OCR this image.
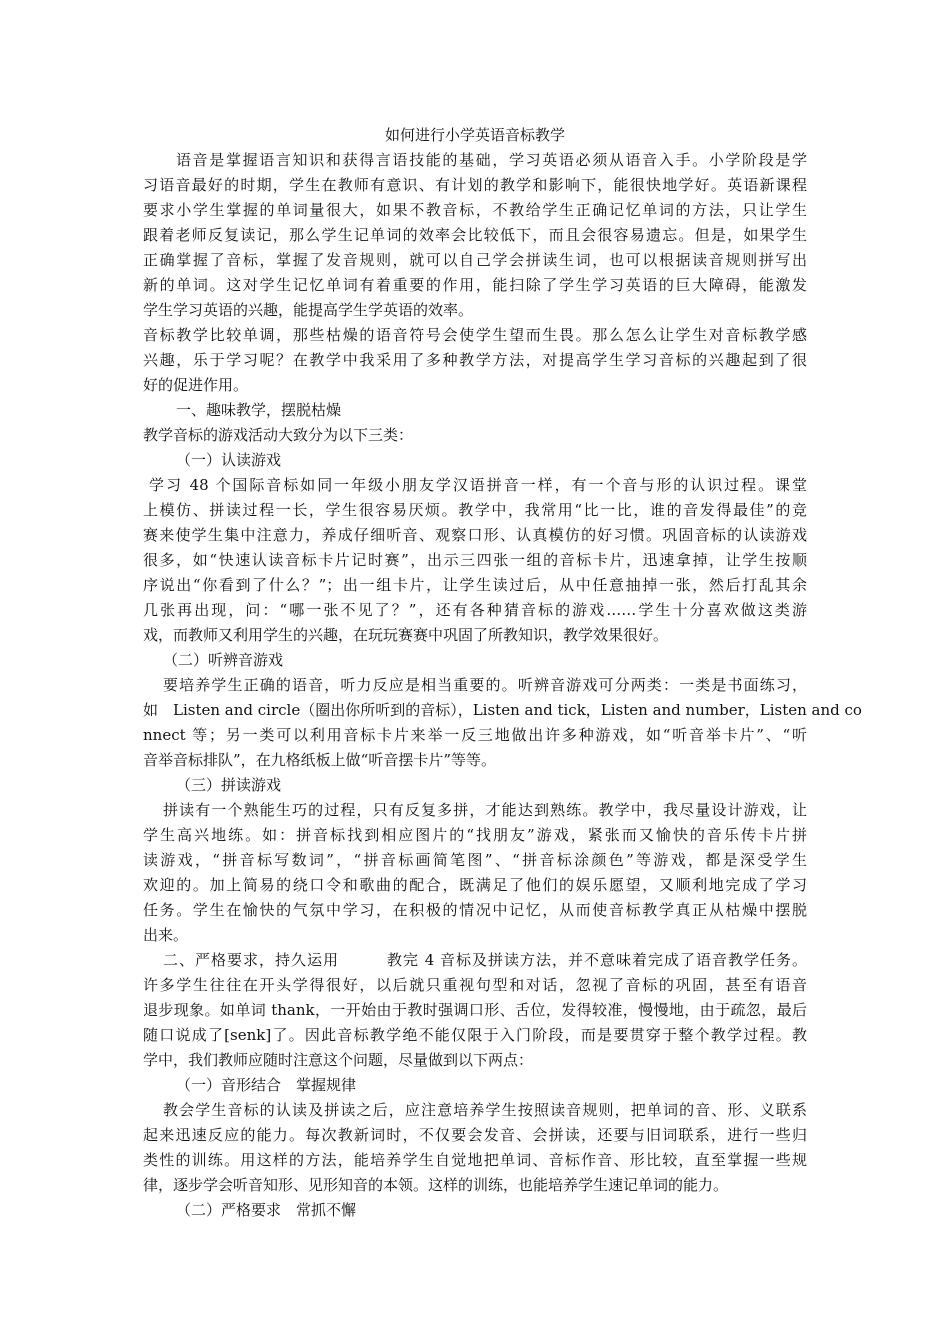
如何进行小学英语音标教学
语音是掌握语言知识和获得言语技能的基础，学习英语必须从语音入手。小学阶段是学
习语音最好的时期，学生在教师有意识、有计划的教学和影响下，能很快地学好。英语新课程
要求小学生掌握的单词量很大，如果不教音标，不教给学生正确记忆单词的方法，只让学生
跟着老师反复读记，那么学生记单词的效率会比较低下，而且会很容易遗忘。但是，如果学生
正确掌握了音标，掌握了发音规则，就可以自己学会拼读生词，也可以根据读音规则拼写出
新的单词。这对学生记忆单词有着重要的作用，能扫除了学生学习英语的巨大障碍，能激发
学生学习英语的兴趣，能提高学生学英语的效率。
音标教学比较单调，那些枯燥的语音符号会使学生望而生畏。那么怎么让学生对音标教学感
兴趣，乐于学习呢？在教学中我采用了多种教学方法，对提高学生学习音标的兴趣起到了很
好的促进作用。
一、趣味教学，摆脱枯燥
教学音标的游戏活动大致分为以下三类：
（一）认读游戏
学习 48 个国际音标如同一年级小朋友学汉语拼音一样，有一个音与形的认识过程。课堂
上模仿、拼读过程一长，学生很容易厌烦。教学中，我常用“比一比，谁的音发得最佳”的竞
赛来使学生集中注意力，养成仔细听音、观察口形、认真模仿的好习惯。巩固音标的认读游戏
很多，如“快速认读音标卡片记时赛”，出示三四张一组的音标卡片，迅速拿掉，让学生按顺
序说出“你看到了什么？”；出一组卡片，让学生读过后，从中任意抽掉一张，然后打乱其余
几张再出现，问：“哪一张不见了？”，还有各种猜音标的游戏……学生十分喜欢做这类游
戏，而教师又利用学生的兴趣，在玩玩赛赛中巩固了所教知识，教学效果很好。
（二）听辨音游戏
要培养学生正确的语音，听力反应是相当重要的。听辨音游戏可分两类：一类是书面练习，
如　Listen and circle（圈出你所听到的音标），Listen and tick，Listen and number，Listen and co
nnect 等；另一类可以利用音标卡片来举一反三地做出许多种游戏，如“听音举卡片”、“听
音举音标排队”，在九格纸板上做“听音摆卡片”等等。
（三）拼读游戏
拼读有一个熟能生巧的过程，只有反复多拼，才能达到熟练。教学中，我尽量设计游戏，让
学生高兴地练。如：拼音标找到相应图片的“找朋友”游戏，紧张而又愉快的音乐传卡片拼
读游戏，“拼音标写数词”，“拼音标画简笔图”、“拼音标涂颜色”等游戏，都是深受学生
欢迎的。加上简易的绕口令和歌曲的配合，既满足了他们的娱乐愿望，又顺利地完成了学习
任务。学生在愉快的气氛中学习，在积极的情况中记忆，从而使音标教学真正从枯燥中摆脱
出来。
二、严格要求，持久运用　　　教完 4 音标及拼读方法，并不意味着完成了语音教学任务。
许多学生往往在开头学得很好，以后就只重视句型和对话，忽视了音标的巩固，甚至有语音
退步现象。如单词 thank，一开始由于教时强调口形、舌位，发得较准，慢慢地，由于疏忽，最后
随口说成了[senk]了。因此音标教学绝不能仅限于入门阶段，而是要贯穿于整个教学过程。教
学中，我们教师应随时注意这个问题，尽量做到以下两点：
（一）音形结合　掌握规律
教会学生音标的认读及拼读之后，应注意培养学生按照读音规则，把单词的音、形、义联系
起来迅速反应的能力。每次教新词时，不仅要会发音、会拼读，还要与旧词联系，进行一些归
类性的训练。用这样的方法，能培养学生自觉地把单词、音标作音、形比较，直至掌握一些规
律，逐步学会听音知形、见形知音的本领。这样的训练，也能培养学生速记单词的能力。
（二）严格要求　常抓不懈
